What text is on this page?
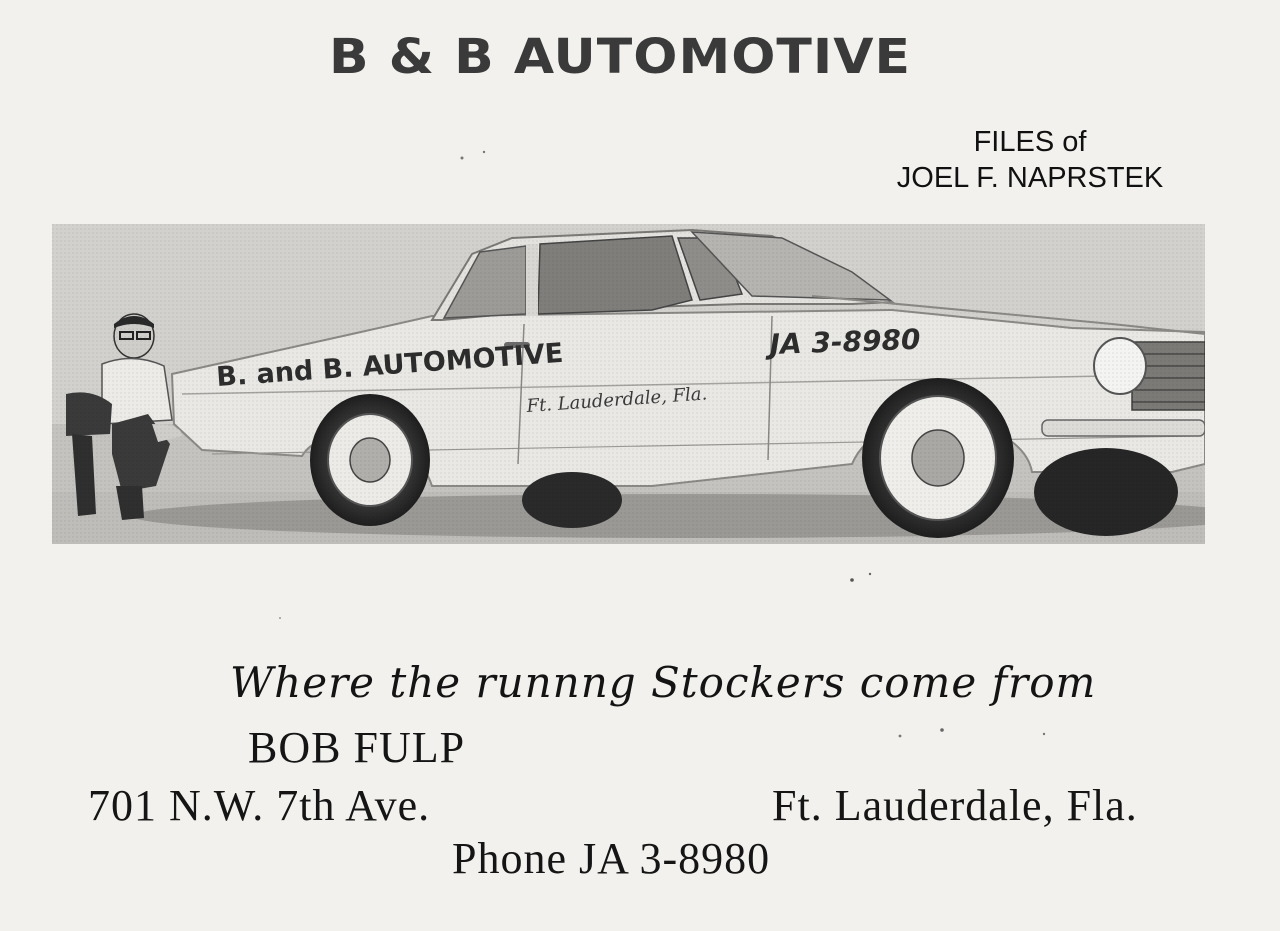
B & B AUTOMOTIVE
FILES of
JOEL F. NAPRSTEK
Where the runnng Stockers come from
BOB FULP
701 N.W. 7th Ave.	Ft. Lauderdale, Fla.
Phone JA 3-8980
